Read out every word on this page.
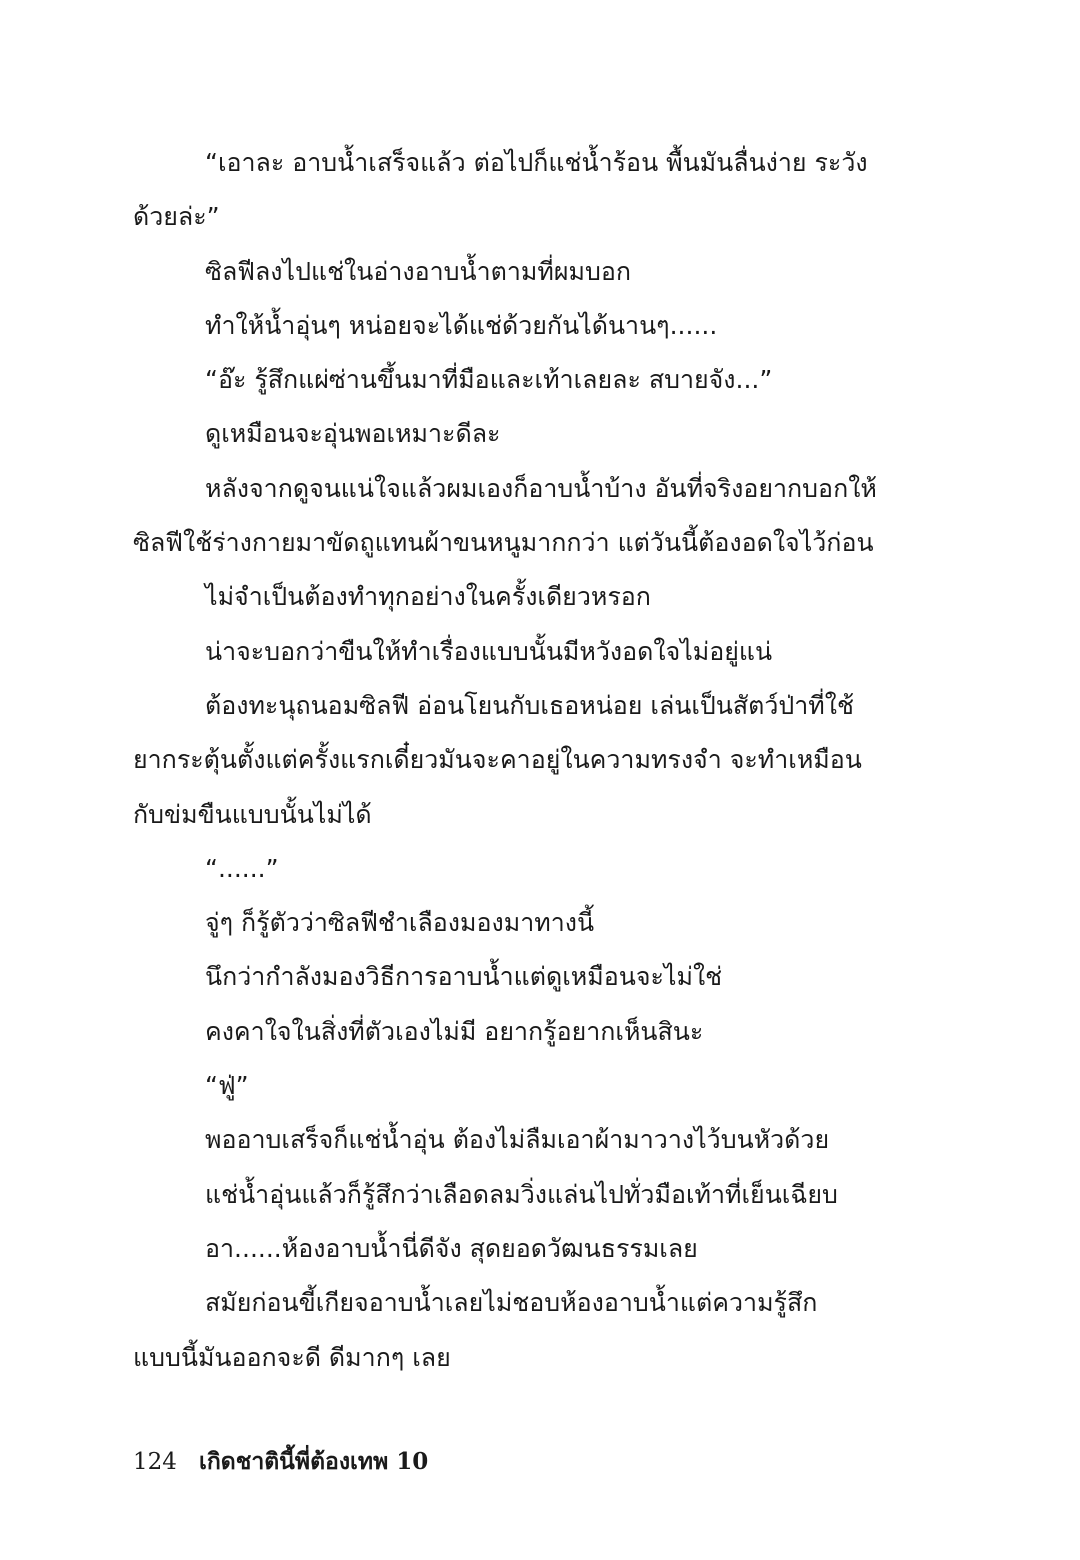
“เอาละ อาบน้ำเสร็จแล้ว ต่อไปก็แช่น้ำร้อน พื้นมันลื่นง่าย ระวัง

ด้วยล่ะ”

ซิลฟีลงไปแช่ในอ่างอาบน้ำตามที่ผมบอก

ทำให้น้ำอุ่นๆ หน่อยจะได้แช่ด้วยกันได้นานๆ......

“อ๊ะ รู้สึกแผ่ซ่านขึ้นมาที่มือและเท้าเลยละ สบายจัง...”

ดูเหมือนจะอุ่นพอเหมาะดีละ

หลังจากดูจนแน่ใจแล้วผมเองก็อาบน้ำบ้าง อันที่จริงอยากบอกให้

ซิลฟีใช้ร่างกายมาขัดถูแทนผ้าขนหนูมากกว่า แต่วันนี้ต้องอดใจไว้ก่อน

ไม่จำเป็นต้องทำทุกอย่างในครั้งเดียวหรอก

น่าจะบอกว่าขืนให้ทำเรื่องแบบนั้นมีหวังอดใจไม่อยู่แน่

ต้องทะนุถนอมซิลฟี อ่อนโยนกับเธอหน่อย เล่นเป็นสัตว์ป่าที่ใช้

ยากระตุ้นตั้งแต่ครั้งแรกเดี๋ยวมันจะคาอยู่ในความทรงจำ จะทำเหมือน

กับข่มขืนแบบนั้นไม่ได้

“......”

จู่ๆ ก็รู้ตัวว่าซิลฟีชำเลืองมองมาทางนี้

นึกว่ากำลังมองวิธีการอาบน้ำแต่ดูเหมือนจะไม่ใช่

คงคาใจในสิ่งที่ตัวเองไม่มี อยากรู้อยากเห็นสินะ

“ฟู่”

พออาบเสร็จก็แช่น้ำอุ่น ต้องไม่ลืมเอาผ้ามาวางไว้บนหัวด้วย

แช่น้ำอุ่นแล้วก็รู้สึกว่าเลือดลมวิ่งแล่นไปทั่วมือเท้าที่เย็นเฉียบ

อา......ห้องอาบน้ำนี่ดีจัง สุดยอดวัฒนธรรมเลย

สมัยก่อนขี้เกียจอาบน้ำเลยไม่ชอบห้องอาบน้ำแต่ความรู้สึก

แบบนี้มันออกจะดี ดีมากๆ เลย

124 เกิดชาตินี้พี่ต้องเทพ 10
